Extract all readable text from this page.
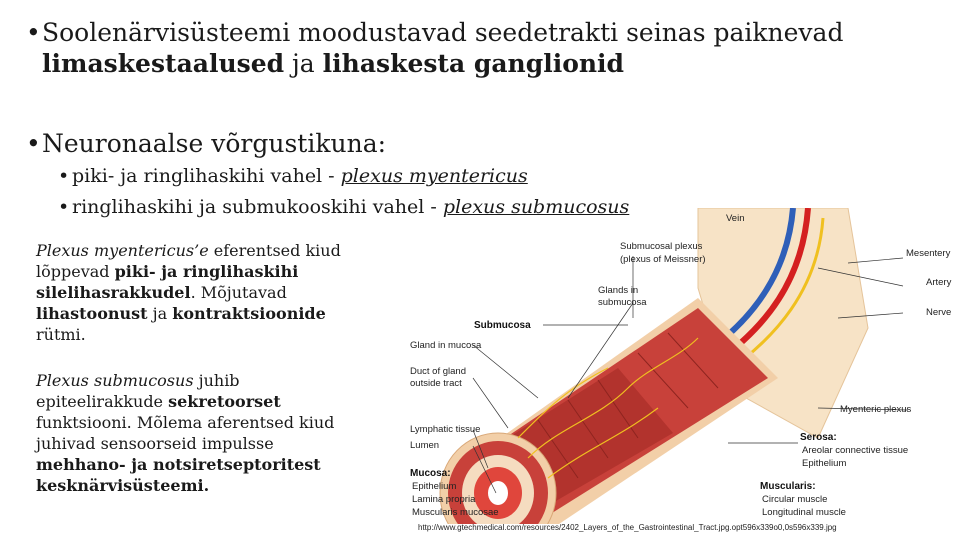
•Soolenärvisüsteemi moodustavad seedetrakti seinas paiknevad
limaskestaalused ja lihaskesta ganglionid
•Neuronaalse võrgustikuna:
• piki- ja ringlihaskihi vahel - plexus myentericus
• ringlihaskihi ja submukooskihi vahel - plexus submucosus
Plexus myentericus’e eferentsed kiud lõppevad piki- ja ringlihaskihi silelihasrakkudel. Mõjutavad lihastoonust ja kontraktsioonide rütmi.
Plexus submucosus juhib epiteelirakkude sekretoorset funktsiooni. Mõlema aferentsed kiud juhivad sensoorseid impulsse mehhano- ja notsiretseptoritest kesknärvisüsteemi.
Vein
Submucosal plexus
(plexus of Meissner)
Mesentery
Artery
Glands in
submucosa
Nerve
Submucosa
Gland in mucosa
Duct of gland
outside tract
Myenteric plexus
Lymphatic tissue
Serosa:
Areolar connective tissue
Lumen
Epithelium
Mucosa:
Epithelium	Muscularis:
Lamina propria	Circular muscle
Muscularis mucosae	Longitudinal muscle
http://www.gtechmedical.com/resources/2402_Layers_of_the_Gastrointestinal_Tract.jpg.opt596x339o0,0s596x339.jpg
